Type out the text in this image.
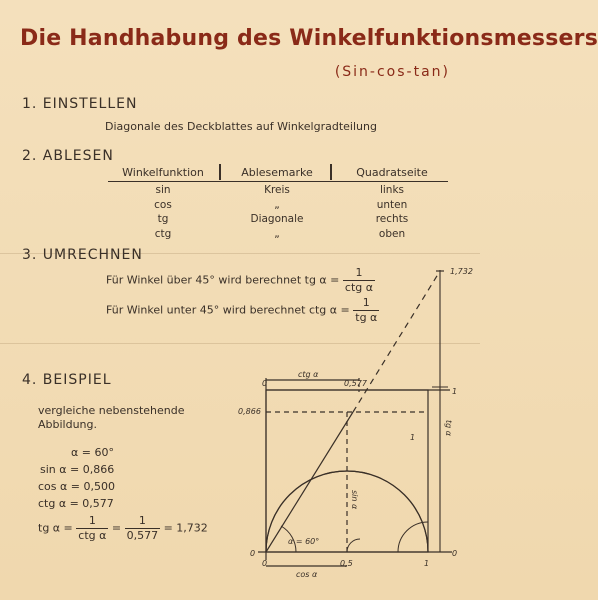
Die Handhabung des Winkelfunktionsmessers
(Sin-cos-tan)
1. EINSTELLEN
Diagonale des Deckblattes auf Winkelgradteilung
2. ABLESEN
Winkelfunktion	Ablesemarke	Quadratseite
sin	Kreis	links
cos	„	unten
tg	Diagonale	rechts
ctg	„	oben
3. UMRECHNEN
Für Winkel über 45° wird berechnet tg $\alpha = \frac{1}{\text{ctg α}}$
Für Winkel unter 45° wird berechnet ctg $\alpha = \frac{1}{\text{tg α}}$
4. BEISPIEL
vergleiche nebenstehende
Abbildung.
α = 60°
sin α = 0,866
cos α = 0,500
ctg α = 0,577
tg $\alpha = \frac{1}{\text{ctg α}} = \frac{1}{0,577} = 1,732$
1,732
ctg α
0	0,577
1
0,866
sin α
tg α
α = 60°
1
0
0	0,5	1
0
cos α
